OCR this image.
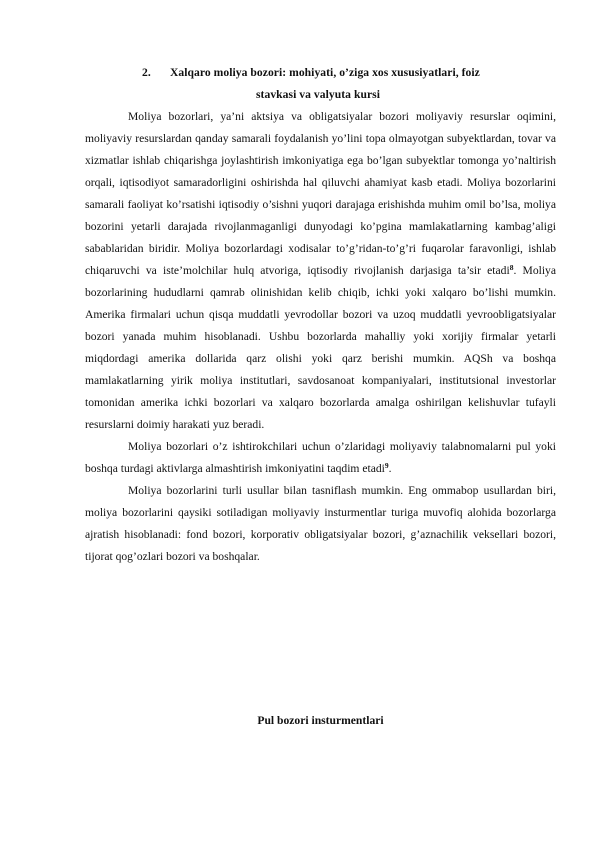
2.	Xalqaro moliya bozori: mohiyati, o’ziga xos xususiyatlari, foiz
stavkasi va valyuta kursi

Moliya bozorlari, ya’ni aktsiya va obligatsiyalar bozori moliyaviy resurslar oqimini, moliyaviy resurslardan qanday samarali foydalanish yo’lini topa olmayotgan subyektlardan, tovar va xizmatlar ishlab chiqarishga joylashtirish imkoniyatiga ega bo’lgan subyektlar tomonga yo’naltirish orqali, iqtisodiyot samaradorligini oshirishda hal qiluvchi ahamiyat kasb etadi. Moliya bozorlarini samarali faoliyat ko’rsatishi iqtisodiy o’sishni yuqori darajaga erishishda muhim omil bo’lsa, moliya bozorini yetarli darajada rivojlanmaganligi dunyodagi ko’pgina mamlakatlarning kambag’aligi sabablaridan biridir. Moliya bozorlardagi xodisalar to’g’ridan-to’g’ri fuqarolar faravonligi, ishlab chiqaruvchi va iste’molchilar hulq atvoriga, iqtisodiy rivojlanish darjasiga ta’sir etadi$^8$. Moliya bozorlarining hududlarni qamrab olinishidan kelib chiqib, ichki yoki xalqaro bo’lishi mumkin. Amerika firmalari uchun qisqa muddatli yevrodollar bozori va uzoq muddatli yevroobligatsiyalar bozori yanada muhim hisoblanadi. Ushbu bozorlarda mahalliy yoki xorijiy firmalar yetarli miqdordagi amerika dollarida qarz olishi yoki qarz berishi mumkin. AQSh va boshqa mamlakatlarning yirik moliya institutlari, savdosanoat kompaniyalari, institutsional investorlar tomonidan amerika ichki bozorlari va xalqaro bozorlarda amalga oshirilgan kelishuvlar tufayli resurslarni doimiy harakati yuz beradi.

Moliya bozorlari o’z ishtirokchilari uchun o’zlaridagi moliyaviy talabnomalarni pul yoki boshqa turdagi aktivlarga almashtirish imkoniyatini taqdim etadi$^9$.

Moliya bozorlarini turli usullar bilan tasniflash mumkin. Eng ommabop usullardan biri, moliya bozorlarini qaysiki sotiladigan moliyaviy insturmentlar turiga muvofiq alohida bozorlarga ajratish hisoblanadi: fond bozori, korporativ obligatsiyalar bozori, g’aznachilik veksellari bozori, tijorat qog’ozlari bozori va boshqalar.

Pul bozori insturmentlari
